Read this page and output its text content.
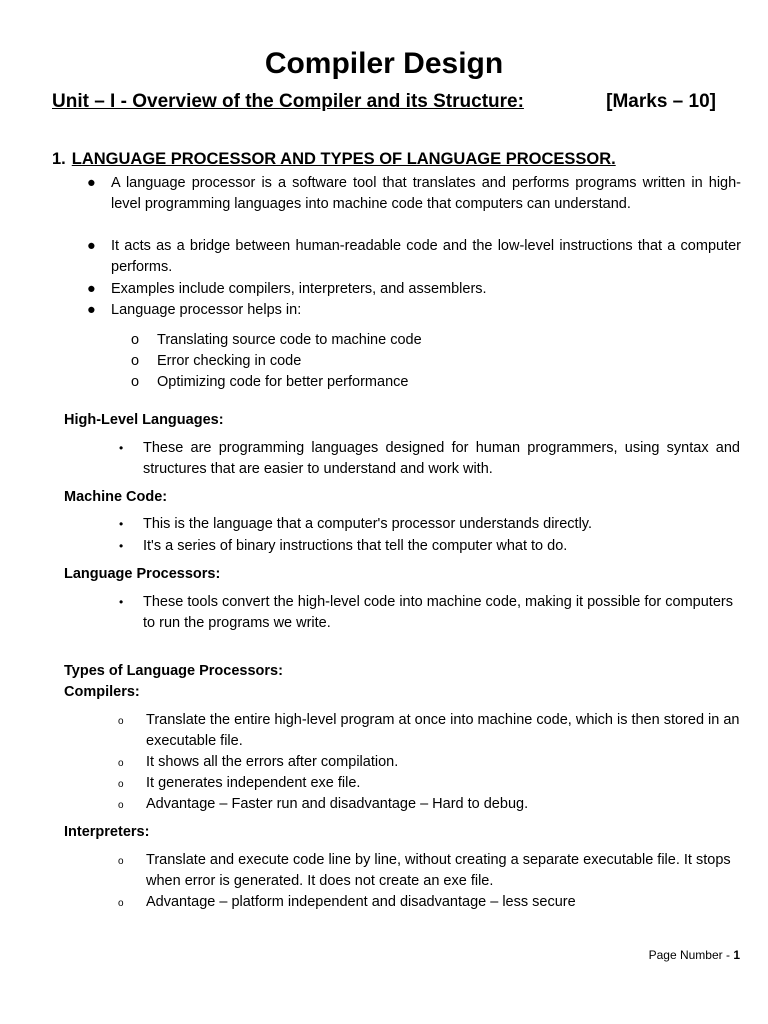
Compiler Design
Unit – I - Overview of the Compiler and its Structure:	[Marks – 10]
1. LANGUAGE PROCESSOR AND TYPES OF LANGUAGE PROCESSOR.
● A language processor is a software tool that translates and performs programs written in high-level programming languages into machine code that computers can understand.
● It acts as a bridge between human-readable code and the low-level instructions that a computer performs.
● Examples include compilers, interpreters, and assemblers.
● Language processor helps in:
o Translating source code to machine code
o Error checking in code
o Optimizing code for better performance
High-Level Languages:
• These are programming languages designed for human programmers, using syntax and structures that are easier to understand and work with.
Machine Code:
• This is the language that a computer's processor understands directly.
• It's a series of binary instructions that tell the computer what to do.
Language Processors:
• These tools convert the high-level code into machine code, making it possible for computers to run the programs we write.
Types of Language Processors:
Compilers:
o Translate the entire high-level program at once into machine code, which is then stored in an executable file.
o It shows all the errors after compilation.
o It generates independent exe file.
o Advantage – Faster run and disadvantage – Hard to debug.
Interpreters:
o Translate and execute code line by line, without creating a separate executable file. It stops when error is generated. It does not create an exe file.
o Advantage – platform independent and disadvantage – less secure
Page Number - 1
